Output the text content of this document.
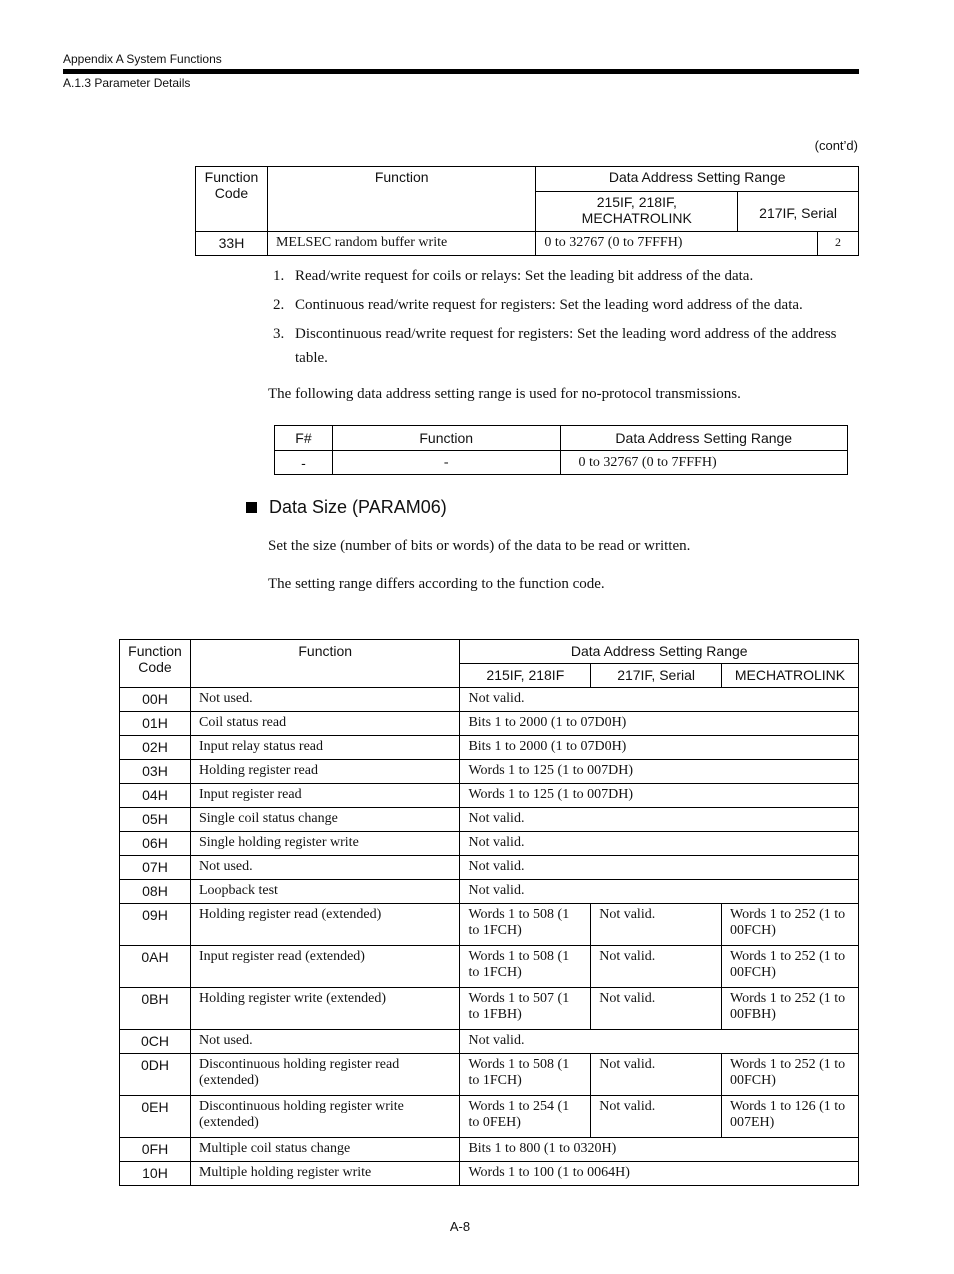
Appendix A System Functions
A.1.3 Parameter Details
(cont’d)
Function Code	Function	Data Address Setting Range		
		215IF, 218IF, MECHATROLINK	217IF, Serial	
33H	MELSEC random buffer write	0 to 32767 (0 to 7FFFH)		2
1. Read/write request for coils or relays: Set the leading bit address of the data.
2. Continuous read/write request for registers: Set the leading word address of the data.
3. Discontinuous read/write request for registers: Set the leading word address of the address table.
The following data address setting range is used for no-protocol transmissions.
F#	Function	Data Address Setting Range
-	-	0 to 32767 (0 to 7FFFH)
Data Size (PARAM06)
Set the size (number of bits or words) of the data to be read or written.
The setting range differs according to the function code.
Function Code	Function	Data Address Setting Range		
		215IF, 218IF	217IF, Serial	MECHATROLINK
00H	Not used.	Not valid.		
01H	Coil status read	Bits 1 to 2000 (1 to 07D0H)		
02H	Input relay status read	Bits 1 to 2000 (1 to 07D0H)		
03H	Holding register read	Words 1 to 125 (1 to 007DH)		
04H	Input register read	Words 1 to 125 (1 to 007DH)		
05H	Single coil status change	Not valid.		
06H	Single holding register write	Not valid.		
07H	Not used.	Not valid.		
08H	Loopback test	Not valid.		
09H	Holding register read (extended)	Words 1 to 508 (1 to 1FCH)	Not valid.	Words 1 to 252 (1 to 00FCH)
0AH	Input register read (extended)	Words 1 to 508 (1 to 1FCH)	Not valid.	Words 1 to 252 (1 to 00FCH)
0BH	Holding register write (extended)	Words 1 to 507 (1 to 1FBH)	Not valid.	Words 1 to 252 (1 to 00FBH)
0CH	Not used.	Not valid.		
0DH	Discontinuous holding register read (extended)	Words 1 to 508 (1 to 1FCH)	Not valid.	Words 1 to 252 (1 to 00FCH)
0EH	Discontinuous holding register write (extended)	Words 1 to 254 (1 to 0FEH)	Not valid.	Words 1 to 126 (1 to 007EH)
0FH	Multiple coil status change	Bits 1 to 800 (1 to 0320H)		
10H	Multiple holding register write	Words 1 to 100 (1 to 0064H)		
A-8
